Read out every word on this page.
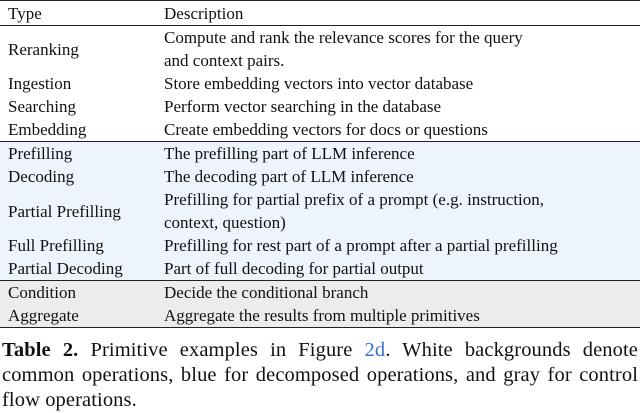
Type	Description
Reranking	Compute and rank the relevance scores for the query
and context pairs.

Ingestion	Store embedding vectors into vector database

Searching	Perform vector searching in the database

Embedding	Create embedding vectors for docs or questions

Prefilling	The prefilling part of LLM inference

Decoding	The decoding part of LLM inference

Partial Prefilling	Prefilling for partial prefix of a prompt (e.g. instruction,
context, question)

Full Prefilling	Prefilling for rest part of a prompt after a partial prefilling

Partial Decoding	Part of full decoding for partial output

Condition	Decide the conditional branch

Aggregate	Aggregate the results from multiple primitives
Table 2. Primitive examples in Figure 2d. White backgrounds denote common operations, blue for decomposed operations, and gray for control flow operations.
